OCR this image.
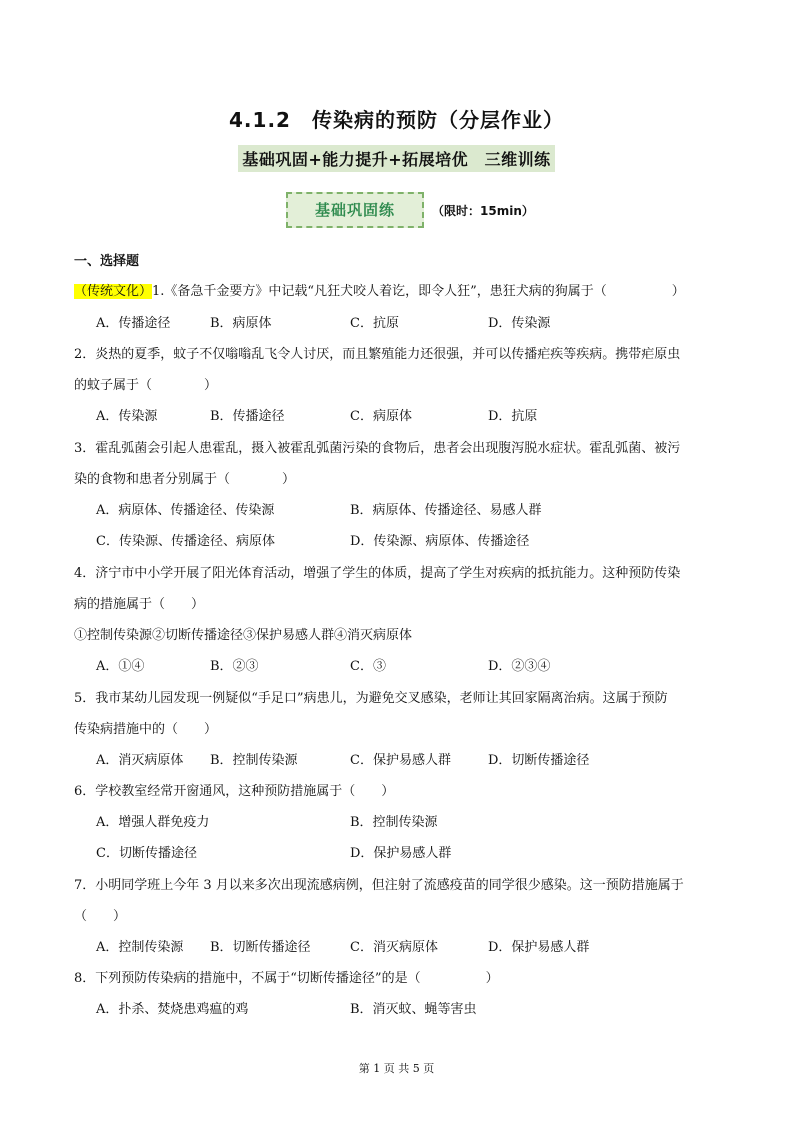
4.1.2　传染病的预防（分层作业）
基础巩固+能力提升+拓展培优　三维训练
基础巩固练	（限时：15min）
一、选择题
（传统文化）1.《备急千金要方》中记载“凡狂犬咬人着讫，即令人狂”，患狂犬病的狗属于（　　　　　）
A．传播途径	B．病原体	C．抗原	D．传染源
2．炎热的夏季，蚊子不仅嗡嗡乱飞令人讨厌，而且繁殖能力还很强，并可以传播疟疾等疾病。携带疟原虫
的蚊子属于（　　　　）
A．传染源	B．传播途径	C．病原体	D．抗原
3．霍乱弧菌会引起人患霍乱，摄入被霍乱弧菌污染的食物后，患者会出现腹泻脱水症状。霍乱弧菌、被污
染的食物和患者分别属于（　　　　）
A．病原体、传播途径、传染源	B．病原体、传播途径、易感人群
C．传染源、传播途径、病原体	D．传染源、病原体、传播途径
4．济宁市中小学开展了阳光体育活动，增强了学生的体质，提高了学生对疾病的抵抗能力。这种预防传染
病的措施属于（　　）
①控制传染源②切断传播途径③保护易感人群④消灭病原体
A．①④	B．②③	C．③	D．②③④
5．我市某幼儿园发现一例疑似“手足口”病患儿，为避免交叉感染，老师让其回家隔离治病。这属于预防
传染病措施中的（　　）
A．消灭病原体 B．控制传染源	C．保护易感人群	D．切断传播途径
6．学校教室经常开窗通风，这种预防措施属于（　　）
A．增强人群免疫力	B．控制传染源
C．切断传播途径	D．保护易感人群
7．小明同学班上今年 3 月以来多次出现流感病例，但注射了流感疫苗的同学很少感染。这一预防措施属于
（　　）
A．控制传染源 B．切断传播途径	C．消灭病原体	D．保护易感人群
8．下列预防传染病的措施中，不属于“切断传播途径”的是（　　　　　）
A．扑杀、焚烧患鸡瘟的鸡	B．消灭蚊、蝇等害虫
第 1 页 共 5 页
